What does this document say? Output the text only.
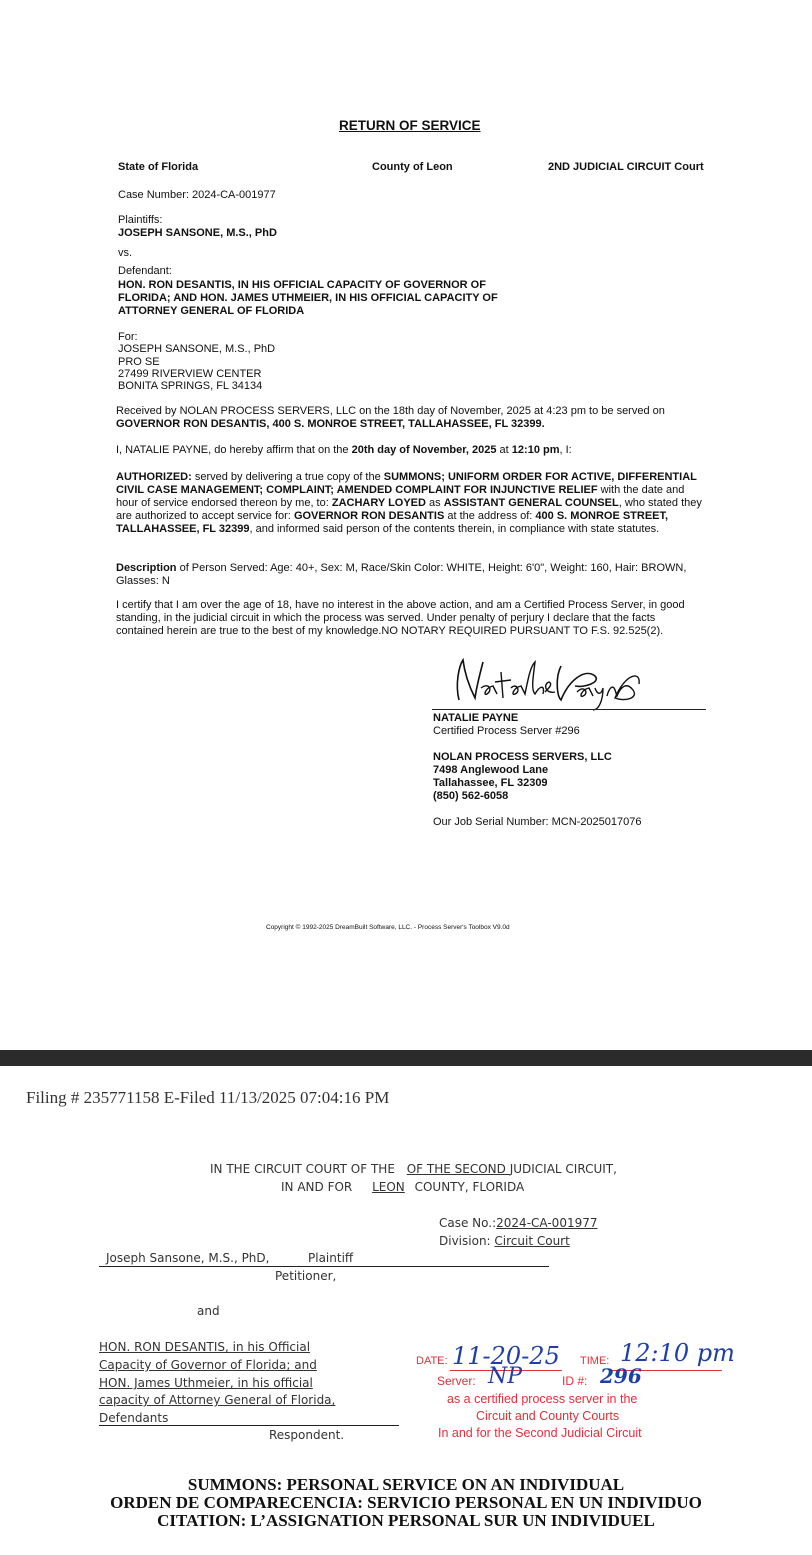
RETURN OF SERVICE
State of Florida	County of Leon	2ND JUDICIAL CIRCUIT Court
Case Number: 2024-CA-001977
Plaintiffs:
JOSEPH SANSONE, M.S., PhD
vs.
Defendant:
HON. RON DESANTIS, IN HIS OFFICIAL CAPACITY OF GOVERNOR OF
FLORIDA; AND HON. JAMES UTHMEIER, IN HIS OFFICIAL CAPACITY OF
ATTORNEY GENERAL OF FLORIDA
For:
JOSEPH SANSONE, M.S., PhD
PRO SE
27499 RIVERVIEW CENTER
BONITA SPRINGS, FL 34134
Received by NOLAN PROCESS SERVERS, LLC on the 18th day of November, 2025 at 4:23 pm to be served on GOVERNOR RON DESANTIS, 400 S. MONROE STREET, TALLAHASSEE, FL 32399.
I, NATALIE PAYNE, do hereby affirm that on the 20th day of November, 2025 at 12:10 pm, I:
AUTHORIZED: served by delivering a true copy of the SUMMONS; UNIFORM ORDER FOR ACTIVE, DIFFERENTIAL CIVIL CASE MANAGEMENT; COMPLAINT; AMENDED COMPLAINT FOR INJUNCTIVE RELIEF with the date and hour of service endorsed thereon by me, to: ZACHARY LOYED as ASSISTANT GENERAL COUNSEL, who stated they are authorized to accept service for: GOVERNOR RON DESANTIS at the address of: 400 S. MONROE STREET, TALLAHASSEE, FL 32399, and informed said person of the contents therein, in compliance with state statutes.
Description of Person Served: Age: 40+, Sex: M, Race/Skin Color: WHITE, Height: 6'0", Weight: 160, Hair: BROWN, Glasses: N
I certify that I am over the age of 18, have no interest in the above action, and am a Certified Process Server, in good standing, in the judicial circuit in which the process was served. Under penalty of perjury I declare that the facts contained herein are true to the best of my knowledge.NO NOTARY REQUIRED PURSUANT TO F.S. 92.525(2).
NATALIE PAYNE
Certified Process Server #296
NOLAN PROCESS SERVERS, LLC
7498 Anglewood Lane
Tallahassee, FL 32309
(850) 562-6058
Our Job Serial Number: MCN-2025017076
Copyright © 1992-2025 DreamBuilt Software, LLC. - Process Server's Toolbox V9.0d
Filing # 235771158 E-Filed 11/13/2025 07:04:16 PM
IN THE CIRCUIT COURT OF THE OF THE SECOND JUDICIAL CIRCUIT,
IN AND FOR LEON COUNTY, FLORIDA
Case No.:2024-CA-001977
Division: Circuit Court
Joseph Sansone, M.S., PhD,	Plaintiff
Petitioner,
and
HON. RON DESANTIS, in his Official
Capacity of Governor of Florida; and
HON. James Uthmeier, in his official
capacity of Attorney General of Florida,
Defendants
Respondent.
DATE: 11-20-25 TIME: 12:10 pm
Server: NP	ID #: 296
as a certified process server in the
Circuit and County Courts
In and for the Second Judicial Circuit
SUMMONS: PERSONAL SERVICE ON AN INDIVIDUAL
ORDEN DE COMPARECENCIA: SERVICIO PERSONAL EN UN INDIVIDUO
CITATION: L’ASSIGNATION PERSONAL SUR UN INDIVIDUEL
